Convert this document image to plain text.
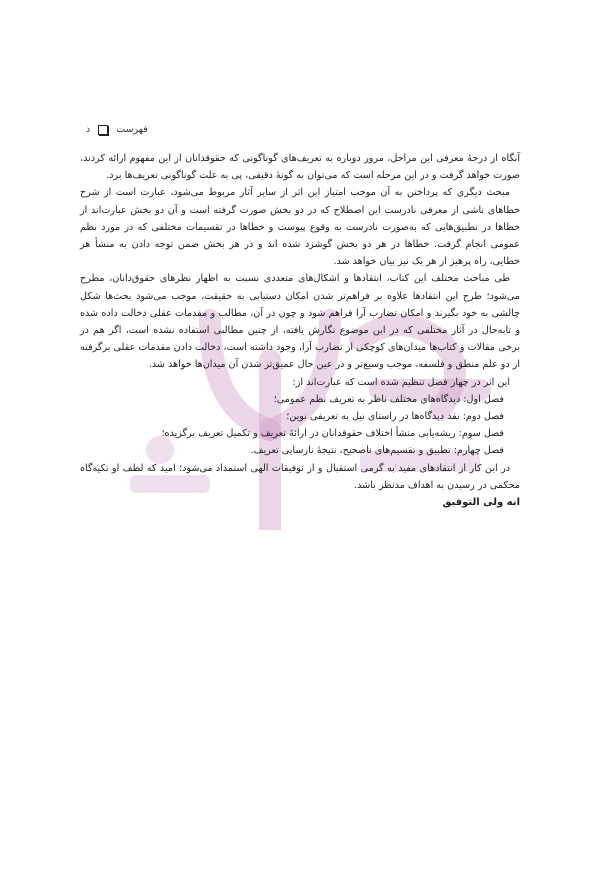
فهرست
ذ

آنگاه از درجۀ معرفی این مراحل، مرور دوباره به تعریف‌های گوناگونی که حقوقدانان از این مفهوم ارائه کردند، صورت خواهد گرفت و در این مرحله است که می‌توان به گونۀ دقیقی، پی به علت گوناگونی تعریف‌ها برد.

مبحث دیگری که پرداختن به آن موجب امتیاز این اثر از سایر آثار مربوط می‌شود، عبارت است از شرح خطاهای ناشی از معرفی نادرست این اصطلاح که در دو بخش صورت گرفته است و آن دو بخش عبارت‌اند از خطاها در تطبیق‌هایی که به‌صورت نادرست به وقوع پیوست و خطاها در تقسیمات مختلفی که در مورد نظم عمومی انجام گرفت. خطاها در هر دو بخش گوشزد شده اند و در هر بخش ضمن توجه دادن به منشأ هر خطایی، راه پرهیز از هر یک نیز بیان خواهد شد.

طی مباحث مختلف این کتاب، انتقادها و اشکال‌های متعددی نسبت به اظهار نظرهای حقوق‌دانان، مطرح می‌شود؛ طرح این انتقادها علاوه بر فراهم‌تر شدن امکان دستیابی به حقیقت، موجب می‌شود بحث‌ها شکل چالشی به خود بگیرند و امکان تضارب آرا فراهم شود و چون در آن، مطالب و مقدمات عقلی دخالت داده شده و تابه‌حال در آثار مختلفی که در این موضوع نگارش یافته، از چنین مطالبی استفاده نشده است، اگر هم در برخی مقالات و کتاب‌ها میدان‌های کوچکی از تضارب آرا، وجود داشته است، دخالت دادن مقدمات عقلی برگرفته از دو علم منطق و فلسفه، موجب وسیع‌تر و در عین حال عمیق‌تر شدن آن میدان‌ها خواهد شد.

این اثر در چهار فصل تنظیم شده است که عبارت‌اند از:

فصل اول: دیدگاه‌های مختلف ناظر به تعریف نظم عمومی؛

فصل دوم: نقد دیدگاه‌ها در راستای نیل به تعریفی نوین؛

فصل سوم: ریشه‌یابی منشأ اختلاف حقوقدانان در ارائۀ تعریف و تکمیل تعریف برگزیده؛

فصل چهارم: تطبیق و تقسیم‌های ناصحیح، نتیجۀ نارسایی تعریف.

در این کار از انتقادهای مفید به گرمی استقبال و از توفیقات الهی استمداد می‌شود؛ امید که لطف او تکیه‌گاه محکمی در رسیدن به اهداف مدنظر باشد.

انه ولی التوفیق
